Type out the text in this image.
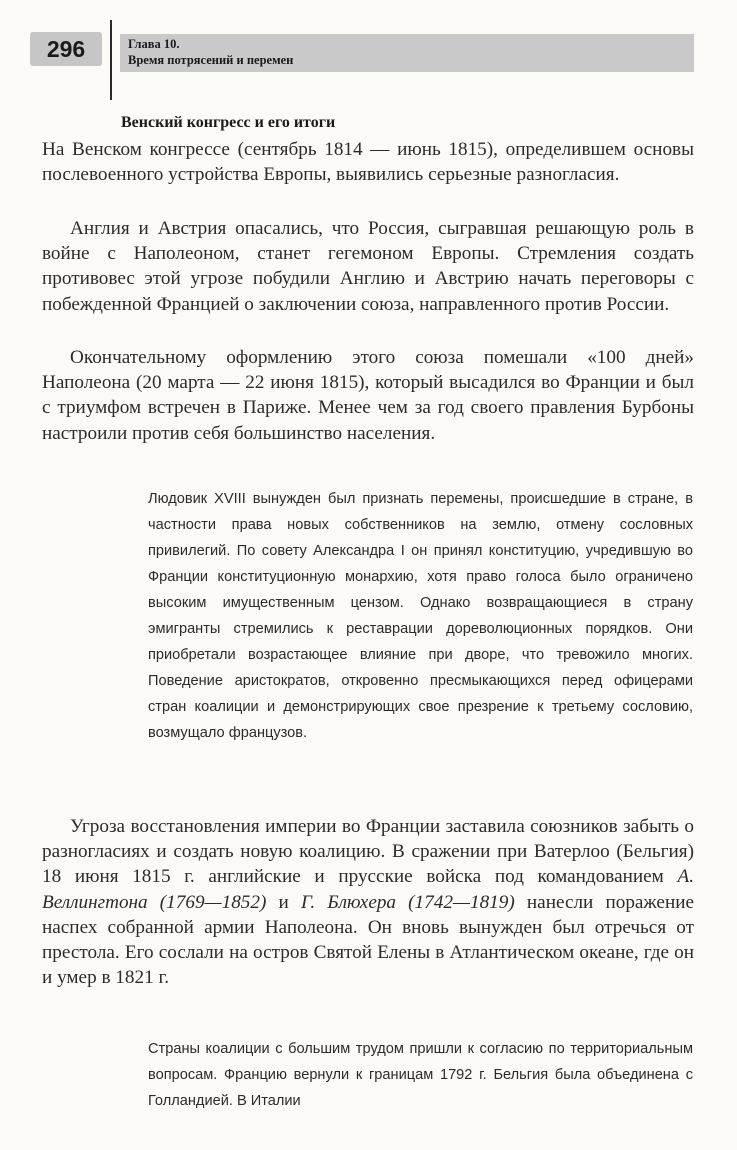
296	Глава 10.
Время потрясений и перемен
Венский конгресс и его итоги

На Венском конгрессе (сентябрь 1814 — июнь 1815), определившем основы послевоенного устройства Европы, выявились серьезные разногласия.

Англия и Австрия опасались, что Россия, сыгравшая решающую роль в войне с Наполеоном, станет гегемоном Европы. Стремления создать противовес этой угрозе побудили Англию и Австрию начать переговоры с побежденной Францией о заключении союза, направленного против России.

Окончательному оформлению этого союза помешали «100 дней» Наполеона (20 марта — 22 июня 1815), который высадился во Франции и был с триумфом встречен в Париже. Менее чем за год своего правления Бурбоны настроили против себя большинство населения.

Людовик XVIII вынужден был признать перемены, происшедшие в стране, в частности права новых собственников на землю, отмену сословных привилегий. По совету Александра I он принял конституцию, учредившую во Франции конституционную монархию, хотя право голоса было ограничено высоким имущественным цензом. Однако возвращающиеся в страну эмигранты стремились к реставрации дореволюционных порядков. Они приобретали возрастающее влияние при дворе, что тревожило многих. Поведение аристократов, откровенно пресмыкающихся перед офицерами стран коалиции и демонстрирующих свое презрение к третьему сословию, возмущало французов.

Угроза восстановления империи во Франции заставила союзников забыть о разногласиях и создать новую коалицию. В сражении при Ватерлоо (Бельгия) 18 июня 1815 г. английские и прусские войска под командованием А. Веллингтона (1769—1852) и Г. Блюхера (1742—1819) нанесли поражение наспех собранной армии Наполеона. Он вновь вынужден был отречься от престола. Его сослали на остров Святой Елены в Атлантическом океане, где он и умер в 1821 г.

Страны коалиции с большим трудом пришли к согласию по территориальным вопросам. Францию вернули к границам 1792 г. Бельгия была объединена с Голландией. В Италии
